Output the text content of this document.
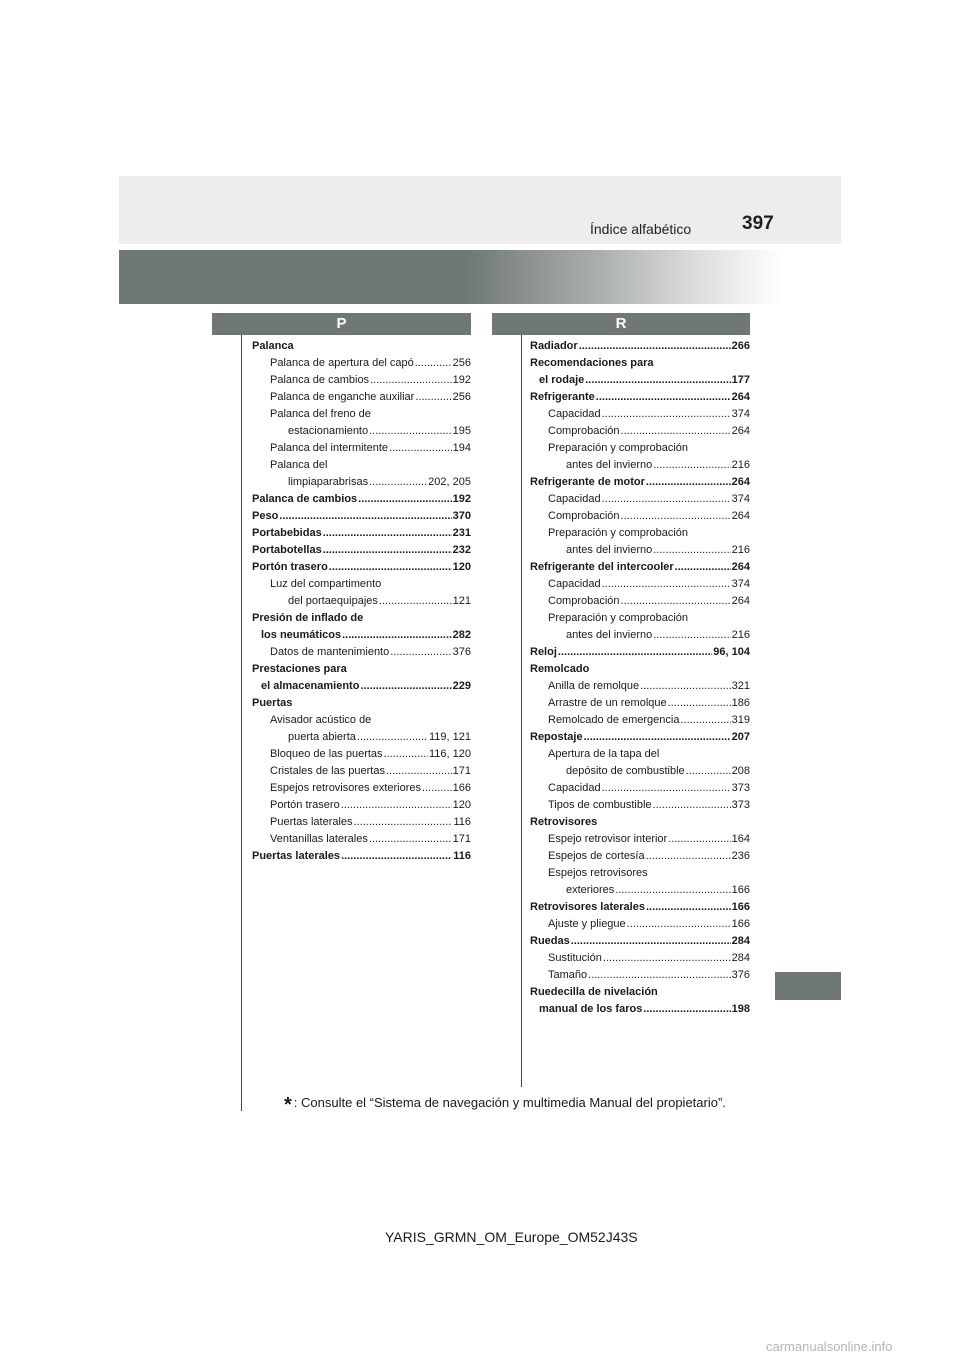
Índice alfabético	397
P	R
Palanca
Palanca de apertura del capó .....	256
Palanca de cambios .....	192
Palanca de enganche auxiliar .....	256
Palanca del freno de
estacionamiento .....	195
Palanca del intermitente .....	194
Palanca del
limpiaparabrisas .....	202, 205
Palanca de cambios .....	192
Peso .....	370
Portabebidas .....	231
Portabotellas .....	232
Portón trasero .....	120
Luz del compartimento
del portaequipajes .....	121
Presión de inflado de
los neumáticos .....	282
Datos de mantenimiento .....	376
Prestaciones para
el almacenamiento .....	229
Puertas
Avisador acústico de
puerta abierta .....	119, 121
Bloqueo de las puertas .....	116, 120
Cristales de las puertas .....	171
Espejos retrovisores exteriores .....	166
Portón trasero .....	120
Puertas laterales .....	116
Ventanillas laterales .....	171
Puertas laterales .....	116
Radiador .....	266
Recomendaciones para
el rodaje .....	177
Refrigerante .....	264
Capacidad .....	374
Comprobación .....	264
Preparación y comprobación
antes del invierno .....	216
Refrigerante de motor .....	264
Capacidad .....	374
Comprobación .....	264
Preparación y comprobación
antes del invierno .....	216
Refrigerante del intercooler .....	264
Capacidad .....	374
Comprobación .....	264
Preparación y comprobación
antes del invierno .....	216
Reloj .....	96, 104
Remolcado
Anilla de remolque .....	321
Arrastre de un remolque .....	186
Remolcado de emergencia .....	319
Repostaje .....	207
Apertura de la tapa del
depósito de combustible .....	208
Capacidad .....	373
Tipos de combustible .....	373
Retrovisores
Espejo retrovisor interior .....	164
Espejos de cortesía .....	236
Espejos retrovisores
exteriores .....	166
Retrovisores laterales .....	166
Ajuste y pliegue .....	166
Ruedas .....	284
Sustitución .....	284
Tamaño .....	376
Ruedecilla de nivelación
manual de los faros .....	198
* : Consulte el “Sistema de navegación y multimedia Manual del propietario”.
YARIS_GRMN_OM_Europe_OM52J43S
carmanualsonline.info
